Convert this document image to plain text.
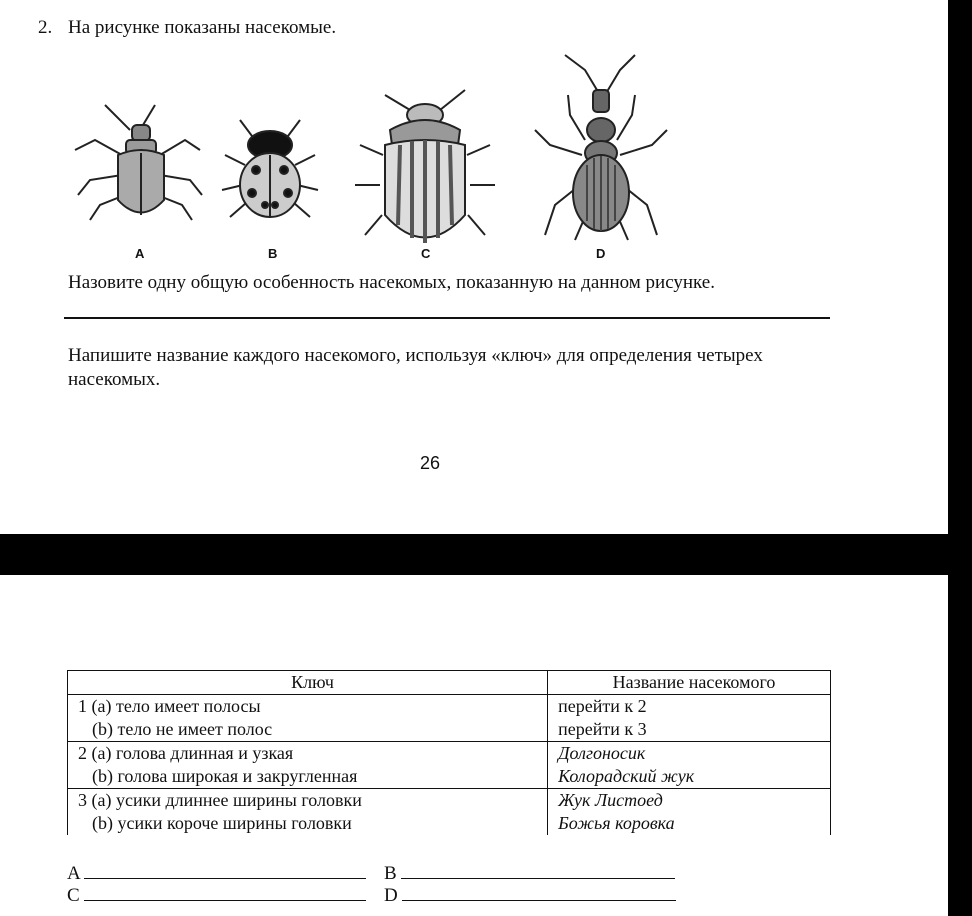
2. На рисунке показаны насекомые.
A	B	C	D
Назовите одну общую особенность насекомых, показанную на данном рисунке.
Напишите название каждого насекомого, используя «ключ» для определения четырех насекомых.
26
Ключ	Название насекомого
1 (a) тело имеет полосы	перейти к 2
(b) тело не имеет полос	перейти к 3
2 (a) голова длинная и узкая	Долгоносик
(b) голова широкая и закругленная	Колорадский жук
3 (a) усики длиннее ширины головки	Жук Листоед
(b) усики короче ширины головки	Божья коровка
A	B
C	D
